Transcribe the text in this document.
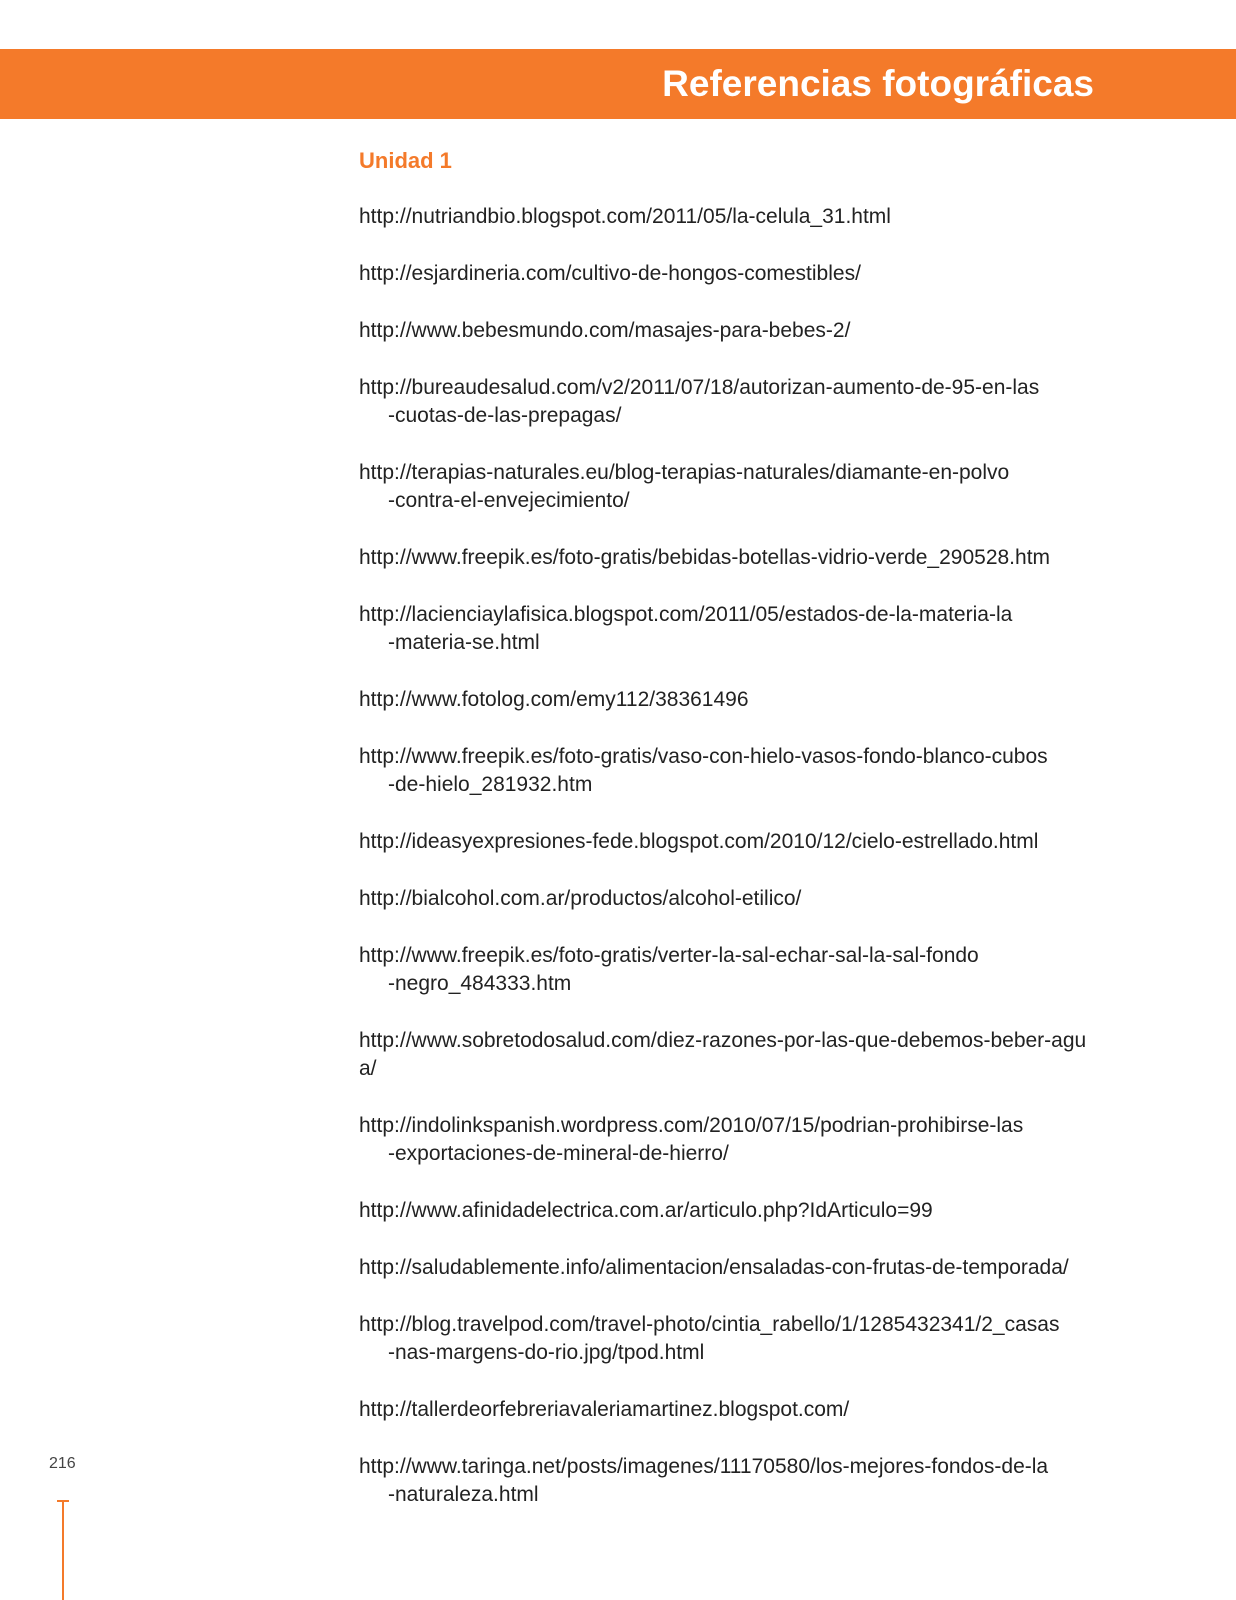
Referencias fotográficas
Unidad 1
http://nutriandbio.blogspot.com/2011/05/la-celula_31.html
http://esjardineria.com/cultivo-de-hongos-comestibles/
http://www.bebesmundo.com/masajes-para-bebes-2/
http://bureaudesalud.com/v2/2011/07/18/autorizan-aumento-de-95-en-las
-cuotas-de-las-prepagas/
http://terapias-naturales.eu/blog-terapias-naturales/diamante-en-polvo
-contra-el-envejecimiento/
http://www.freepik.es/foto-gratis/bebidas-botellas-vidrio-verde_290528.htm
http://lacienciaylafisica.blogspot.com/2011/05/estados-de-la-materia-la
-materia-se.html
http://www.fotolog.com/emy112/38361496
http://www.freepik.es/foto-gratis/vaso-con-hielo-vasos-fondo-blanco-cubos
-de-hielo_281932.htm
http://ideasyexpresiones-fede.blogspot.com/2010/12/cielo-estrellado.html
http://bialcohol.com.ar/productos/alcohol-etilico/
http://www.freepik.es/foto-gratis/verter-la-sal-echar-sal-la-sal-fondo
-negro_484333.htm
http://www.sobretodosalud.com/diez-razones-por-las-que-debemos-beber-agua/
http://indolinkspanish.wordpress.com/2010/07/15/podrian-prohibirse-las
-exportaciones-de-mineral-de-hierro/
http://www.afinidadelectrica.com.ar/articulo.php?IdArticulo=99
http://saludablemente.info/alimentacion/ensaladas-con-frutas-de-temporada/
http://blog.travelpod.com/travel-photo/cintia_rabello/1/1285432341/2_casas
-nas-margens-do-rio.jpg/tpod.html
http://tallerdeorfebreriavaleriamartinez.blogspot.com/
http://www.taringa.net/posts/imagenes/11170580/los-mejores-fondos-de-la
-naturaleza.html
216
